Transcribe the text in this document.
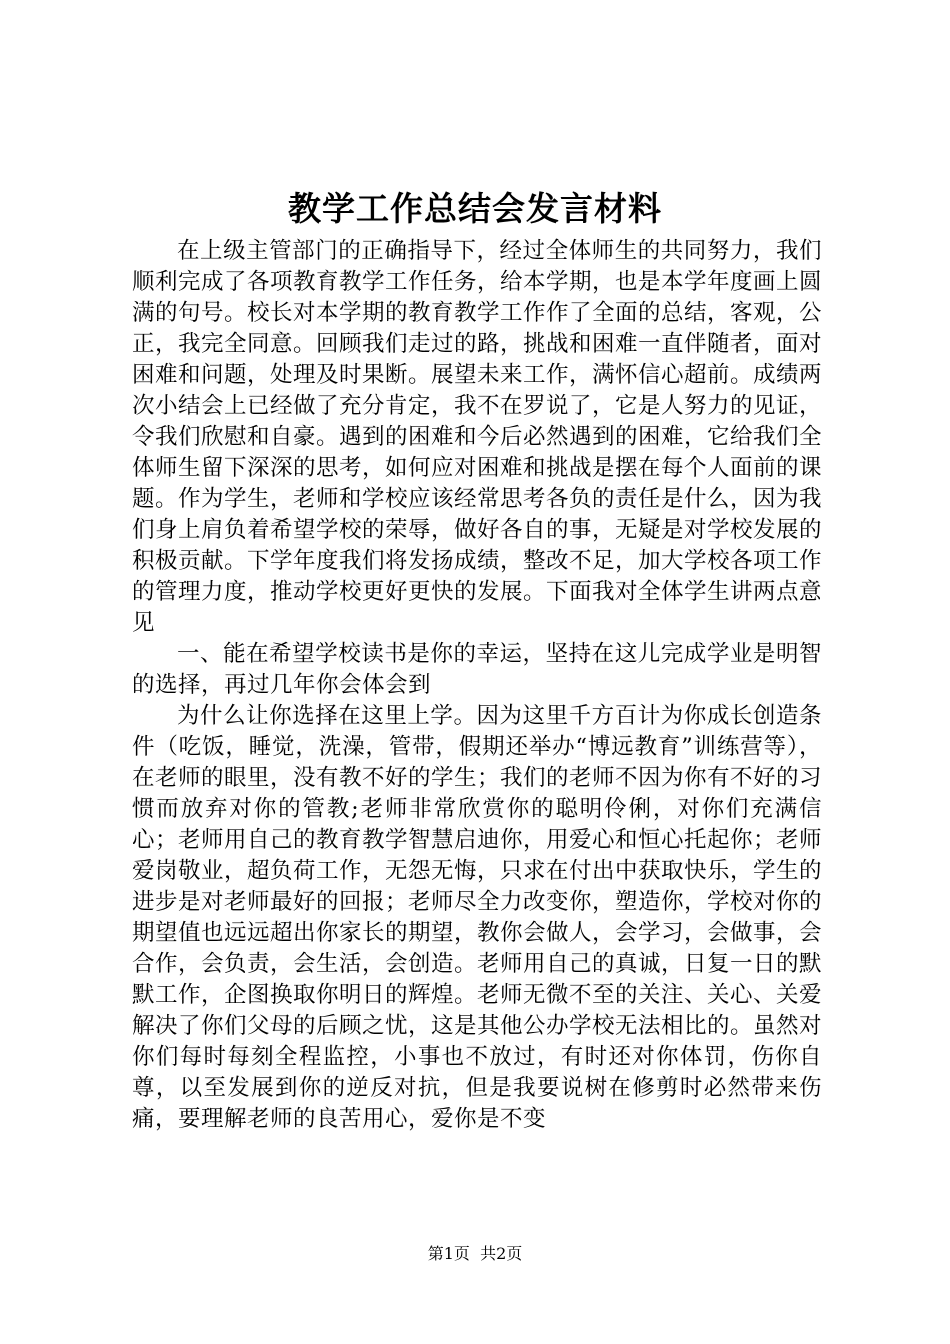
教学工作总结会发言材料

在上级主管部门的正确指导下，经过全体师生的共同努力，我们顺利完成了各项教育教学工作任务，给本学期，也是本学年度画上圆满的句号。校长对本学期的教育教学工作作了全面的总结，客观，公正，我完全同意。回顾我们走过的路，挑战和困难一直伴随者，面对困难和问题，处理及时果断。展望未来工作，满怀信心超前。成绩两次小结会上已经做了充分肯定，我不在罗说了，它是人努力的见证，令我们欣慰和自豪。遇到的困难和今后必然遇到的困难，它给我们全体师生留下深深的思考，如何应对困难和挑战是摆在每个人面前的课题。作为学生，老师和学校应该经常思考各负的责任是什么，因为我们身上肩负着希望学校的荣辱，做好各自的事，无疑是对学校发展的积极贡献。下学年度我们将发扬成绩，整改不足，加大学校各项工作的管理力度，推动学校更好更快的发展。下面我对全体学生讲两点意见

一、能在希望学校读书是你的幸运，坚持在这儿完成学业是明智的选择，再过几年你会体会到

为什么让你选择在这里上学。因为这里千方百计为你成长创造条件（吃饭，睡觉，洗澡，管带，假期还举办“博远教育”训练营等），在老师的眼里，没有教不好的学生；我们的老师不因为你有不好的习惯而放弃对你的管教;老师非常欣赏你的聪明伶俐，对你们充满信心；老师用自己的教育教学智慧启迪你，用爱心和恒心托起你；老师爱岗敬业，超负荷工作，无怨无悔，只求在付出中获取快乐，学生的进步是对老师最好的回报；老师尽全力改变你，塑造你，学校对你的期望值也远远超出你家长的期望，教你会做人，会学习，会做事，会合作，会负责，会生活，会创造。老师用自己的真诚，日复一日的默默工作，企图换取你明日的辉煌。老师无微不至的关注、关心、关爱解决了你们父母的后顾之忧，这是其他公办学校无法相比的。虽然对你们每时每刻全程监控，小事也不放过，有时还对你体罚，伤你自尊，以至发展到你的逆反对抗，但是我要说树在修剪时必然带来伤痛，要理解老师的良苦用心，爱你是不变

第1页 共2页
